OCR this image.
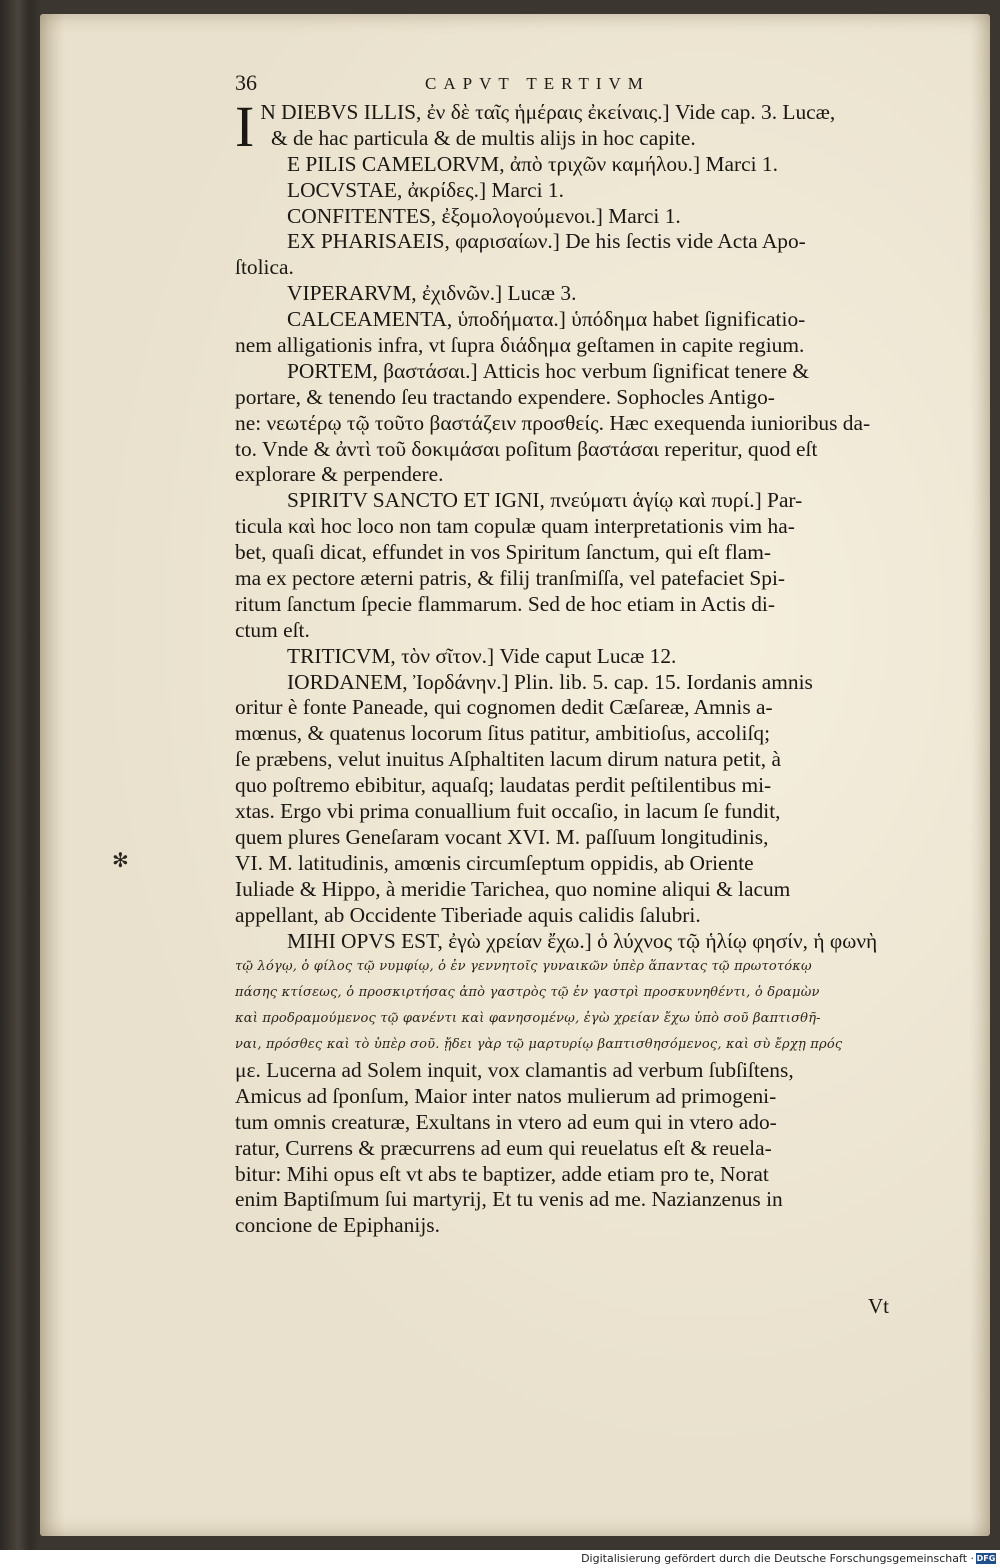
36	CAPVT TERTIVM
✻
I N DIEBVS ILLIS, ἐν δὲ ταῖς ἡμέραις ἐκείναις.] Vide cap. 3. Lucæ,
& de hac particula & de multis alijs in hoc capite.
E PILIS CAMELORVM, ἀπὸ τριχῶν καμήλου.] Marci 1.
LOCVSTAE, ἀκρίδες.] Marci 1.
CONFITENTES, ἐξομολογούμενοι.] Marci 1.
EX PHARISAEIS, φαρισαίων.] De his ſectis vide Acta Apo-
ſtolica.
VIPERARVM, ἐχιδνῶν.] Lucæ 3.
CALCEAMENTA, ὑποδήματα.] ὑπόδημα habet ſignificatio-
nem alligationis infra, vt ſupra διάδημα geſtamen in capite regium.
PORTEM, βαστάσαι.] Atticis hoc verbum ſignificat tenere &
portare, & tenendo ſeu tractando expendere. Sophocles Antigo-
ne: νεωτέρῳ τῷ τοῦτο βαστάζειν προσθείς. Hæc exequenda iunioribus da-
to. Vnde & ἀντὶ τοῦ δοκιμάσαι poſitum βαστάσαι reperitur, quod eſt
explorare & perpendere.
SPIRITV SANCTO ET IGNI, πνεύματι ἁγίῳ καὶ πυρί.] Par-
ticula καὶ hoc loco non tam copulæ quam interpretationis vim ha-
bet, quaſi dicat, effundet in vos Spiritum ſanctum, qui eſt flam-
ma ex pectore æterni patris, & filij tranſmiſſa, vel patefaciet Spi-
ritum ſanctum ſpecie flammarum. Sed de hoc etiam in Actis di-
ctum eſt.
TRITICVM, τὸν σῖτον.] Vide caput Lucæ 12.
IORDANEM, Ἰορδάνην.] Plin. lib. 5. cap. 15. Iordanis amnis
oritur è fonte Paneade, qui cognomen dedit Cæſareæ, Amnis a-
mœnus, & quatenus locorum ſitus patitur, ambitioſus, accoliſq;
ſe præbens, velut inuitus Aſphaltiten lacum dirum natura petit, à
quo poſtremo ebibitur, aquaſq; laudatas perdit peſtilentibus mi-
xtas. Ergo vbi prima conuallium fuit occaſio, in lacum ſe fundit,
quem plures Geneſaram vocant XVI. M. paſſuum longitudinis,
VI. M. latitudinis, amœnis circumſeptum oppidis, ab Oriente
Iuliade & Hippo, à meridie Tarichea, quo nomine aliqui & lacum
appellant, ab Occidente Tiberiade aquis calidis ſalubri.
MIHI OPVS EST, ἐγὼ χρείαν ἔχω.] ὁ λύχνος τῷ ἡλίῳ φησίν, ἡ φωνὴ
τῷ λόγῳ, ὁ φίλος τῷ νυμφίῳ, ὁ ἐν γεννητοῖς γυναικῶν ὑπὲρ ἅπαντας τῷ πρωτοτόκῳ
πάσης κτίσεως, ὁ προσκιρτήσας ἀπὸ γαστρὸς τῷ ἐν γαστρὶ προσκυνηθέντι, ὁ δραμὼν
καὶ προδραμούμενος τῷ φανέντι καὶ φανησομένῳ, ἐγὼ χρείαν ἔχω ὑπὸ σοῦ βαπτισθῆ-
ναι, πρόσθες καὶ τὸ ὑπὲρ σοῦ. ᾔδει γὰρ τῷ μαρτυρίῳ βαπτισθησόμενος, καὶ σὺ ἔρχῃ πρός
με. Lucerna ad Solem inquit, vox clamantis ad verbum ſubſiſtens,
Amicus ad ſponſum, Maior inter natos mulierum ad primogeni-
tum omnis creaturæ, Exultans in vtero ad eum qui in vtero ado-
ratur, Currens & præcurrens ad eum qui reuelatus eſt & reuela-
bitur: Mihi opus eſt vt abs te baptizer, adde etiam pro te, Norat
enim Baptiſmum ſui martyrij, Et tu venis ad me. Nazianzenus in
concione de Epiphanijs.
Vt
Digitalisierung gefördert durch die Deutsche Forschungsgemeinschaft · DFG
